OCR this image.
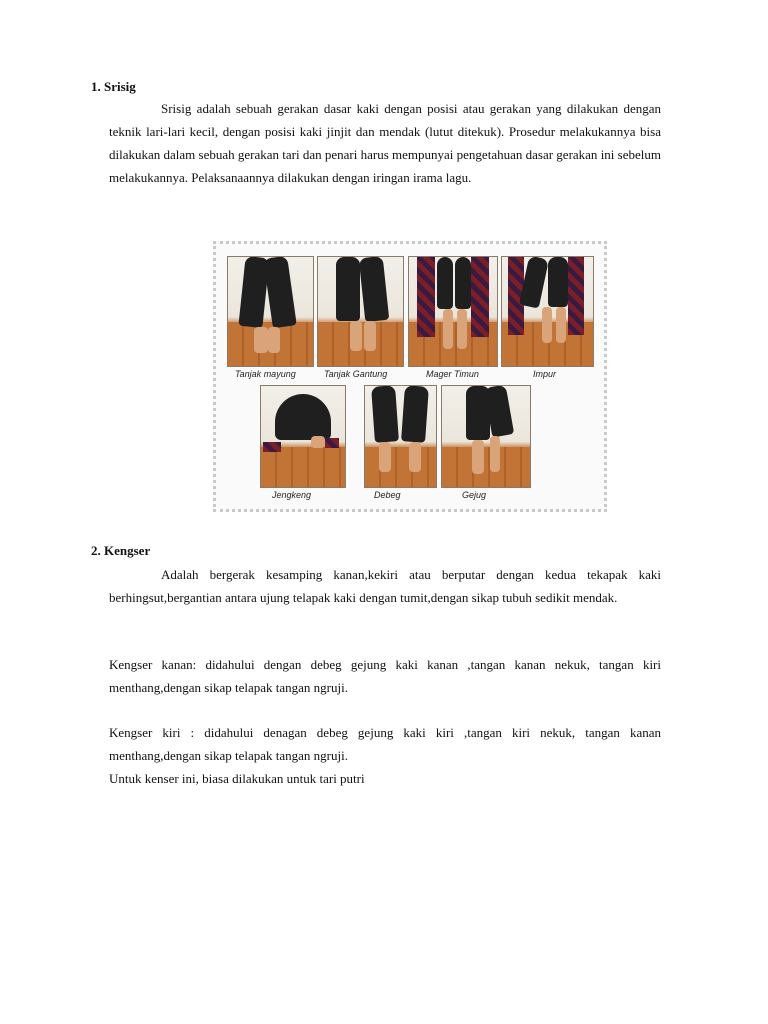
1. Srisig

Srisig adalah sebuah gerakan dasar kaki dengan posisi atau gerakan yang dilakukan dengan teknik lari-lari kecil, dengan posisi kaki jinjit dan mendak (lutut ditekuk). Prosedur melakukannya bisa dilakukan dalam sebuah gerakan tari dan penari harus mempunyai pengetahuan dasar gerakan ini sebelum melakukannya. Pelaksanaannya dilakukan dengan iringan irama lagu.

Tanjak mayung	Tanjak Gantung	Mager Timun	Impur
Jengkeng	Debeg	Gejug
2. Kengser

Adalah bergerak kesamping kanan,kekiri atau berputar dengan kedua tekapak kaki berhingsut,bergantian antara ujung telapak kaki dengan tumit,dengan sikap tubuh sedikit mendak.

Kengser kanan: didahului dengan debeg gejung kaki kanan ,tangan kanan nekuk, tangan kiri menthang,dengan sikap telapak tangan ngruji.

Kengser kiri : didahului denagan debeg gejung kaki kiri ,tangan kiri nekuk, tangan kanan menthang,dengan sikap telapak tangan ngruji.

Untuk kenser ini, biasa dilakukan untuk tari putri
